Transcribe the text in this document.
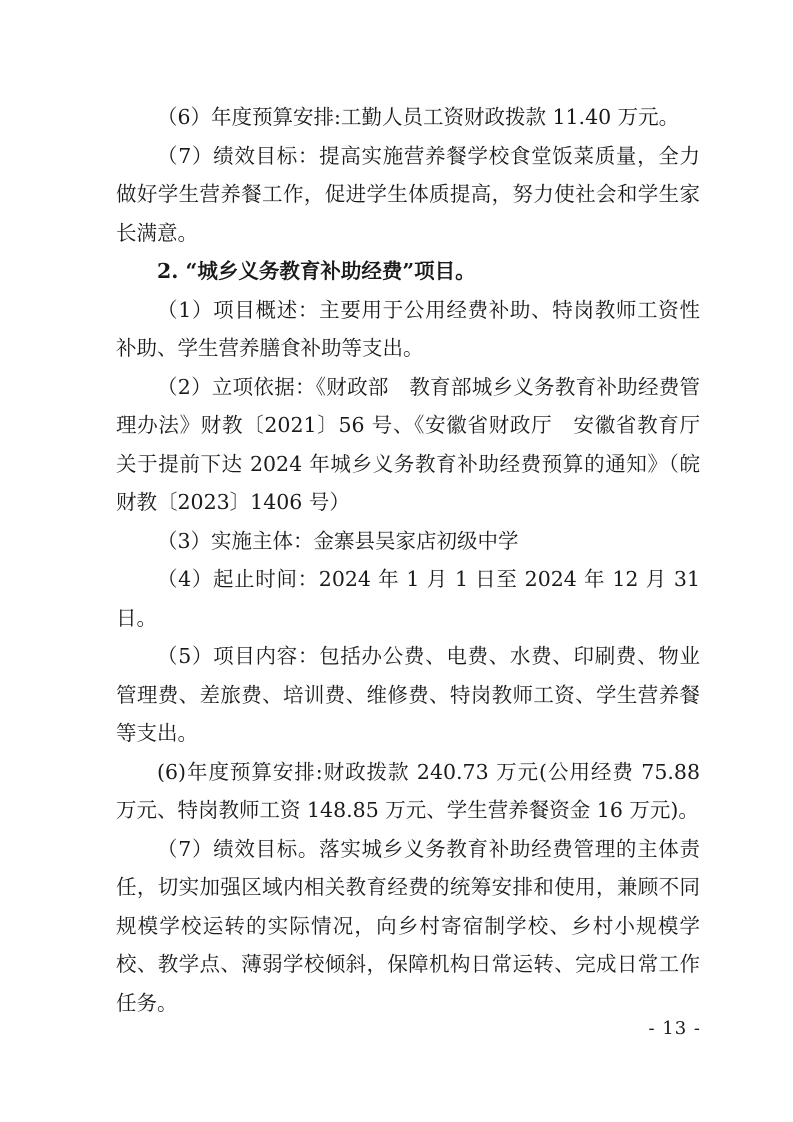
（6）年度预算安排:工勤人员工资财政拨款 11.40 万元。

（7）绩效目标：提高实施营养餐学校食堂饭菜质量，全力做好学生营养餐工作，促进学生体质提高，努力使社会和学生家长满意。

2. “城乡义务教育补助经费”项目。

（1）项目概述：主要用于公用经费补助、特岗教师工资性补助、学生营养膳食补助等支出。

（2）立项依据：《财政部　教育部城乡义务教育补助经费管理办法》财教〔2021〕56 号、《安徽省财政厅　安徽省教育厅关于提前下达 2024 年城乡义务教育补助经费预算的通知》（皖财教〔2023〕1406 号）

（3）实施主体：金寨县吴家店初级中学

（4）起止时间：2024 年 1 月 1 日至 2024 年 12 月 31 日。

（5）项目内容：包括办公费、电费、水费、印刷费、物业管理费、差旅费、培训费、维修费、特岗教师工资、学生营养餐等支出。

(6)年度预算安排:财政拨款 240.73 万元(公用经费 75.88 万元、特岗教师工资 148.85 万元、学生营养餐资金 16 万元)。

（7）绩效目标。落实城乡义务教育补助经费管理的主体责任，切实加强区域内相关教育经费的统筹安排和使用，兼顾不同规模学校运转的实际情况，向乡村寄宿制学校、乡村小规模学校、教学点、薄弱学校倾斜，保障机构日常运转、完成日常工作任务。

- 13 -
